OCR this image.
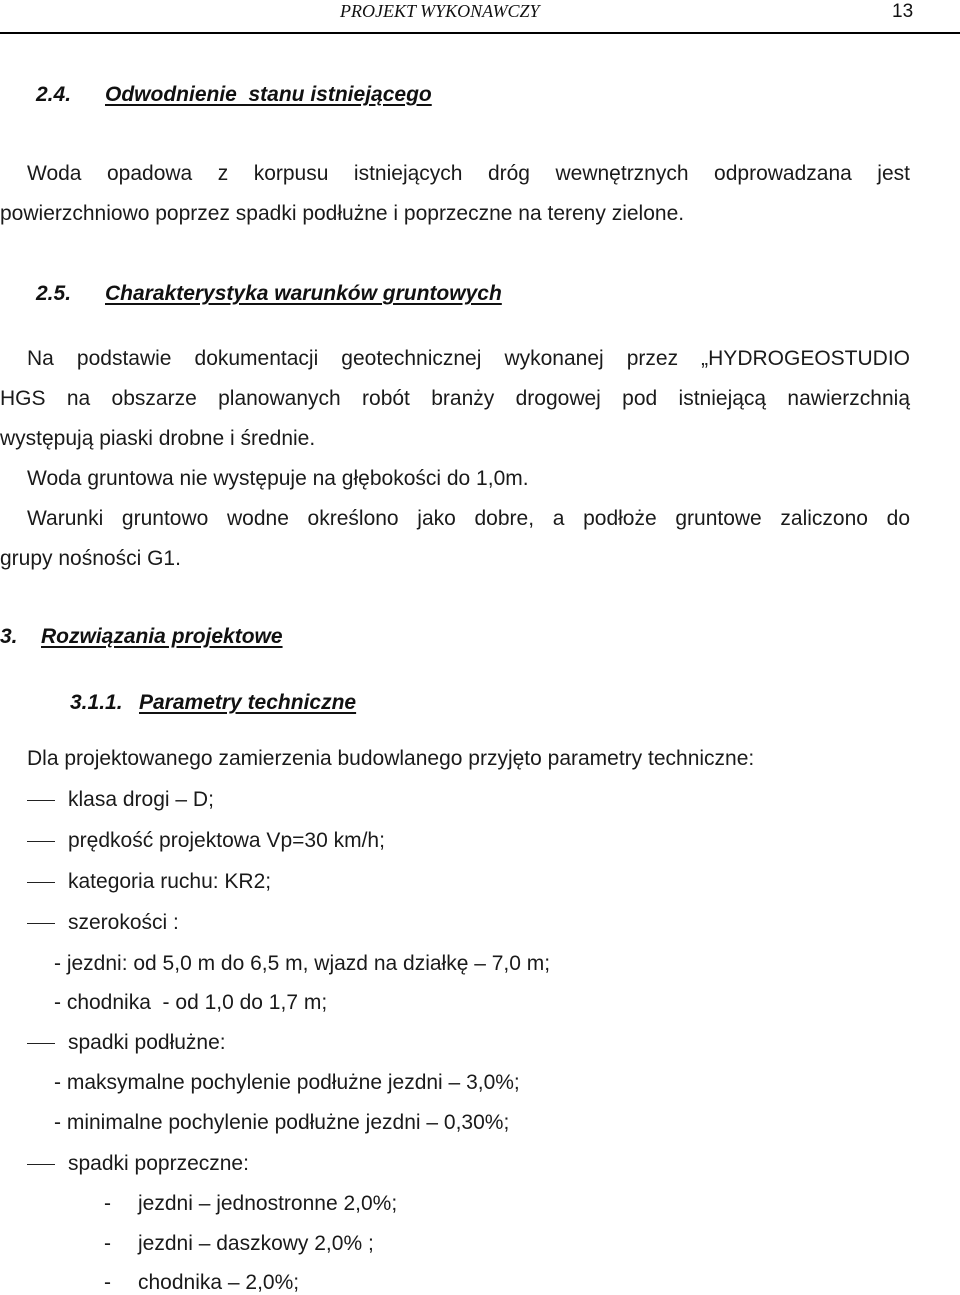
PROJEKT WYKONAWCZY	13
2.4. Odwodnienie  stanu istniejącego
Woda opadowa z korpusu istniejących dróg wewnętrznych odprowadzana jest
powierzchniowo poprzez spadki podłużne i poprzeczne na tereny zielone.
2.5. Charakterystyka warunków gruntowych
Na podstawie dokumentacji geotechnicznej wykonanej przez „HYDROGEOSTUDIO
HGS na obszarze planowanych robót branży drogowej pod istniejącą nawierzchnią
występują piaski drobne i średnie.
Woda gruntowa nie występuje na głębokości do 1,0m.
Warunki gruntowo wodne określono jako dobre, a podłoże gruntowe zaliczono do
grupy nośności G1.
3. Rozwiązania projektowe
3.1.1. Parametry techniczne
Dla projektowanego zamierzenia budowlanego przyjęto parametry techniczne:
klasa drogi – D;
prędkość projektowa Vp=30 km/h;
kategoria ruchu: KR2;
szerokości :
- jezdni: od 5,0 m do 6,5 m, wjazd na działkę – 7,0 m;
- chodnika  - od 1,0 do 1,7 m;
spadki podłużne:
- maksymalne pochylenie podłużne jezdni – 3,0%;
- minimalne pochylenie podłużne jezdni – 0,30%;
spadki poprzeczne:
- jezdni – jednostronne 2,0%;
- jezdni – daszkowy 2,0% ;
- chodnika – 2,0%;
